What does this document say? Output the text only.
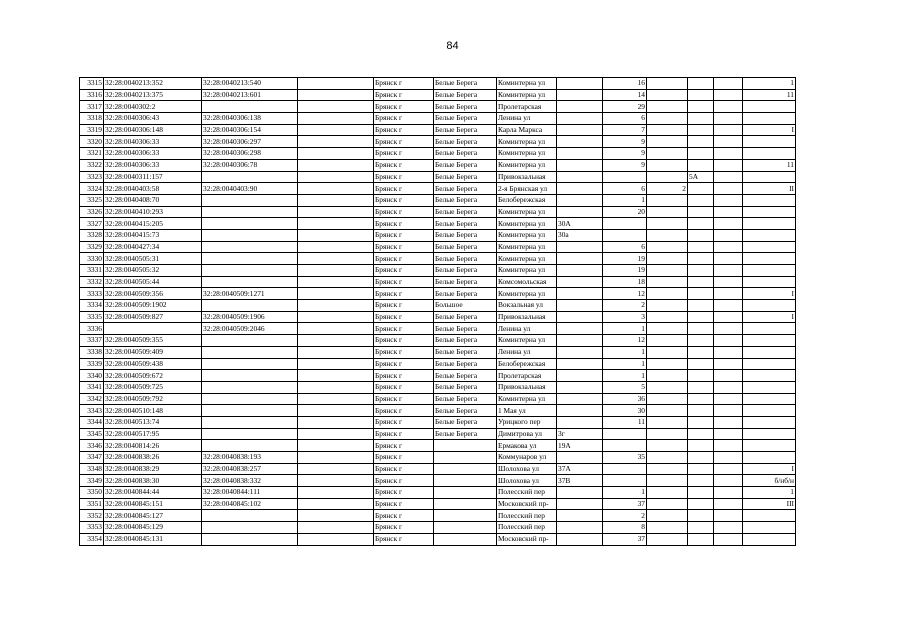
84
3315	32:28:0040213:352	32:28:0040213:540		Брянск г	Белые Берега	Коминтерна ул		16				1
3316	32:28:0040213:375	32:28:0040213:601		Брянск г	Белые Берега	Коминтерна ул		14				11
3317	32:28:0040302:2			Брянск г	Белые Берега	Пролетарская		29				
3318	32:28:0040306:43	32:28:0040306:138		Брянск г	Белые Берега	Ленина ул		6				
3319	32:28:0040306:148	32:28:0040306:154		Брянск г	Белые Берега	Карла Маркса		7				I
3320	32:28:0040306:33	32:28:0040306:297		Брянск г	Белые Берега	Коминтерна ул		9				
3321	32:28:0040306:33	32:28:0040306:298		Брянск г	Белые Берега	Коминтерна ул		9				
3322	32:28:0040306:33	32:28:0040306:78		Брянск г	Белые Берега	Коминтерна ул		9				11
3323	32:28:0040311:157			Брянск г	Белые Берега	Привокзальная				5А		
3324	32:28:0040403:58	32:28:0040403:90		Брянск г	Белые Берега	2-я Брянская ул		6	2			II
3325	32:28:0040408:70			Брянск г	Белые Берега	Белобережская		1				
3326	32:28:0040410:293			Брянск г	Белые Берега	Коминтерна ул		20				
3327	32:28:0040415:205			Брянск г	Белые Берега	Коминтерна ул	30А					
3328	32:28:0040415:73			Брянск г	Белые Берега	Коминтерна ул	30а					
3329	32:28:0040427:34			Брянск г	Белые Берега	Коминтерна ул		6				
3330	32:28:0040505:31			Брянск г	Белые Берега	Коминтерна ул		19				
3331	32:28:0040505:32			Брянск г	Белые Берега	Коминтерна ул		19				
3332	32:28:0040505:44			Брянск г	Белые Берега	Комсомольская		18				
3333	32:28:0040509:356	32:28:0040509:1271		Брянск г	Белые Берега	Коминтерна ул		12				I
3334	32:28:0040509:1902			Брянск г	Большое	Вокзальная ул		2				
3335	32:28:0040509:827	32:28:0040509:1906		Брянск г	Белые Берега	Привокзальная		3				I
3336		32:28:0040509:2046		Брянск г	Белые Берега	Ленина ул		1				
3337	32:28:0040509:355			Брянск г	Белые Берега	Коминтерна ул		12				
3338	32:28:0040509:409			Брянск г	Белые Берега	Ленина ул		1				
3339	32:28:0040509:438			Брянск г	Белые Берега	Белобережская		1				
3340	32:28:0040509:672			Брянск г	Белые Берега	Пролетарская		1				
3341	32:28:0040509:725			Брянск г	Белые Берега	Привокзальная		5				
3342	32:28:0040509:792			Брянск г	Белые Берега	Коминтерна ул		36				
3343	32:28:0040510:148			Брянск г	Белые Берега	1 Мая ул		30				
3344	32:28:0040513:74			Брянск г	Белые Берега	Урицкого пер		11				
3345	32:28:0040517:95			Брянск г	Белые Берега	Димитрова ул	3г					
3346	32:28:0040814:26			Брянск г		Ермакова ул	19А					
3347	32:28:0040838:26	32:28:0040838:193		Брянск г		Коммунаров ул		35				
3348	32:28:0040838:29	32:28:0040838:257		Брянск г		Шолохова ул	37А					I
3349	32:28:0040838:30	32:28:0040838:332		Брянск г		Шолохова ул	37В					б/нб/н
3350	32:28:0040844:44	32:28:0040844:111		Брянск г		Полесский пер		1				1
3351	32:28:0040845:151	32:28:0040845:102		Брянск г		Московский пр-		37				III
3352	32:28:0040845:127			Брянск г		Полесский пер		2				
3353	32:28:0040845:129			Брянск г		Полесский пер		8				
3354	32:28:0040845:131			Брянск г		Московский пр-		37				
